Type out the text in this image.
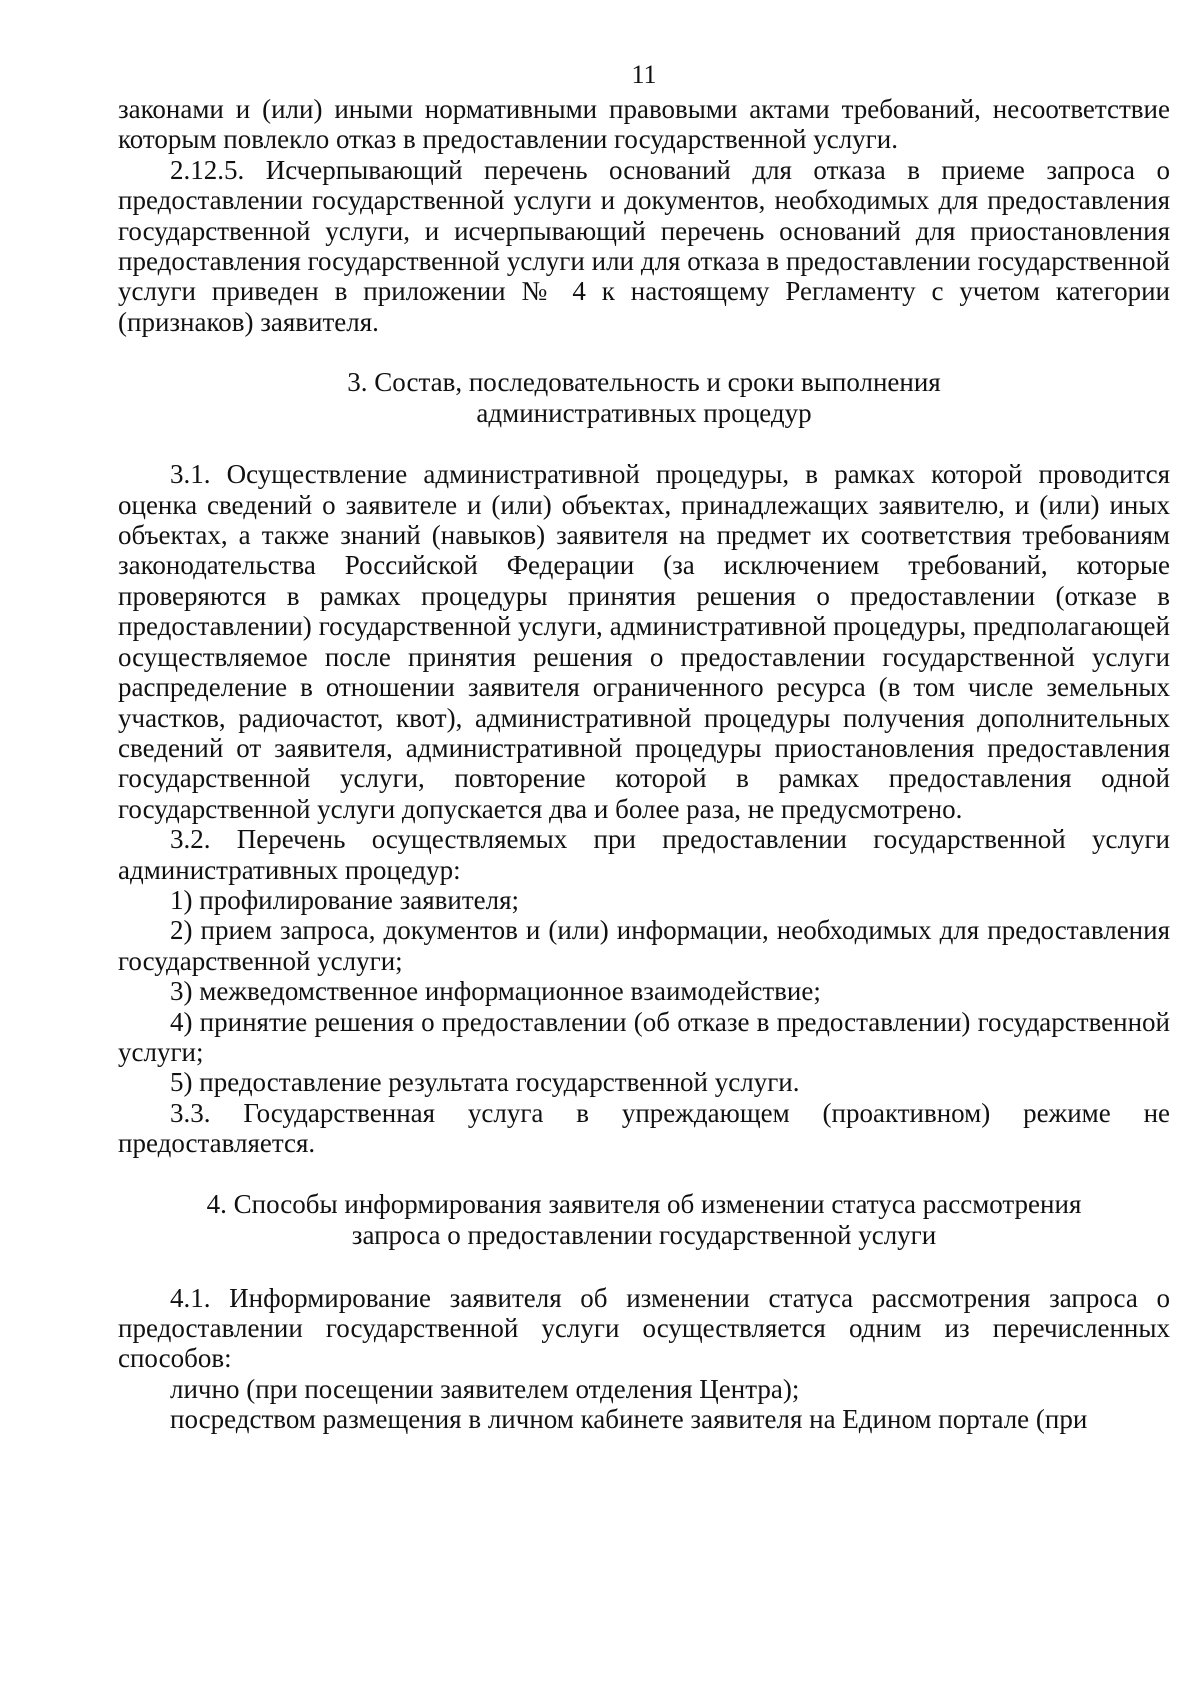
11

законами и (или) иными нормативными правовыми актами требований, несоответствие которым повлекло отказ в предоставлении государственной услуги.

2.12.5. Исчерпывающий перечень оснований для отказа в приеме запроса о предоставлении государственной услуги и документов, необходимых для предоставления государственной услуги, и исчерпывающий перечень оснований для приостановления предоставления государственной услуги или для отказа в предоставлении государственной услуги приведен в приложении № 4 к настоящему Регламенту с учетом категории (признаков) заявителя.

3. Состав, последовательность и сроки выполнения
административных процедур

3.1. Осуществление административной процедуры, в рамках которой проводится оценка сведений о заявителе и (или) объектах, принадлежащих заявителю, и (или) иных объектах, а также знаний (навыков) заявителя на предмет их соответствия требованиям законодательства Российской Федерации (за исключением требований, которые проверяются в рамках процедуры принятия решения о предоставлении (отказе в предоставлении) государственной услуги, административной процедуры, предполагающей осуществляемое после принятия решения о предоставлении государственной услуги распределение в отношении заявителя ограниченного ресурса (в том числе земельных участков, радиочастот, квот), административной процедуры получения дополнительных сведений от заявителя, административной процедуры приостановления предоставления государственной услуги, повторение которой в рамках предоставления одной государственной услуги допускается два и более раза, не предусмотрено.

3.2. Перечень осуществляемых при предоставлении государственной услуги административных процедур:

1) профилирование заявителя;

2) прием запроса, документов и (или) информации, необходимых для предоставления государственной услуги;

3) межведомственное информационное взаимодействие;

4) принятие решения о предоставлении (об отказе в предоставлении) государственной услуги;

5) предоставление результата государственной услуги.

3.3. Государственная услуга в упреждающем (проактивном) режиме не предоставляется.

4. Способы информирования заявителя об изменении статуса рассмотрения
запроса о предоставлении государственной услуги

4.1. Информирование заявителя об изменении статуса рассмотрения запроса о предоставлении государственной услуги осуществляется одним из перечисленных способов:

лично (при посещении заявителем отделения Центра);

посредством размещения в личном кабинете заявителя на Едином портале (при
